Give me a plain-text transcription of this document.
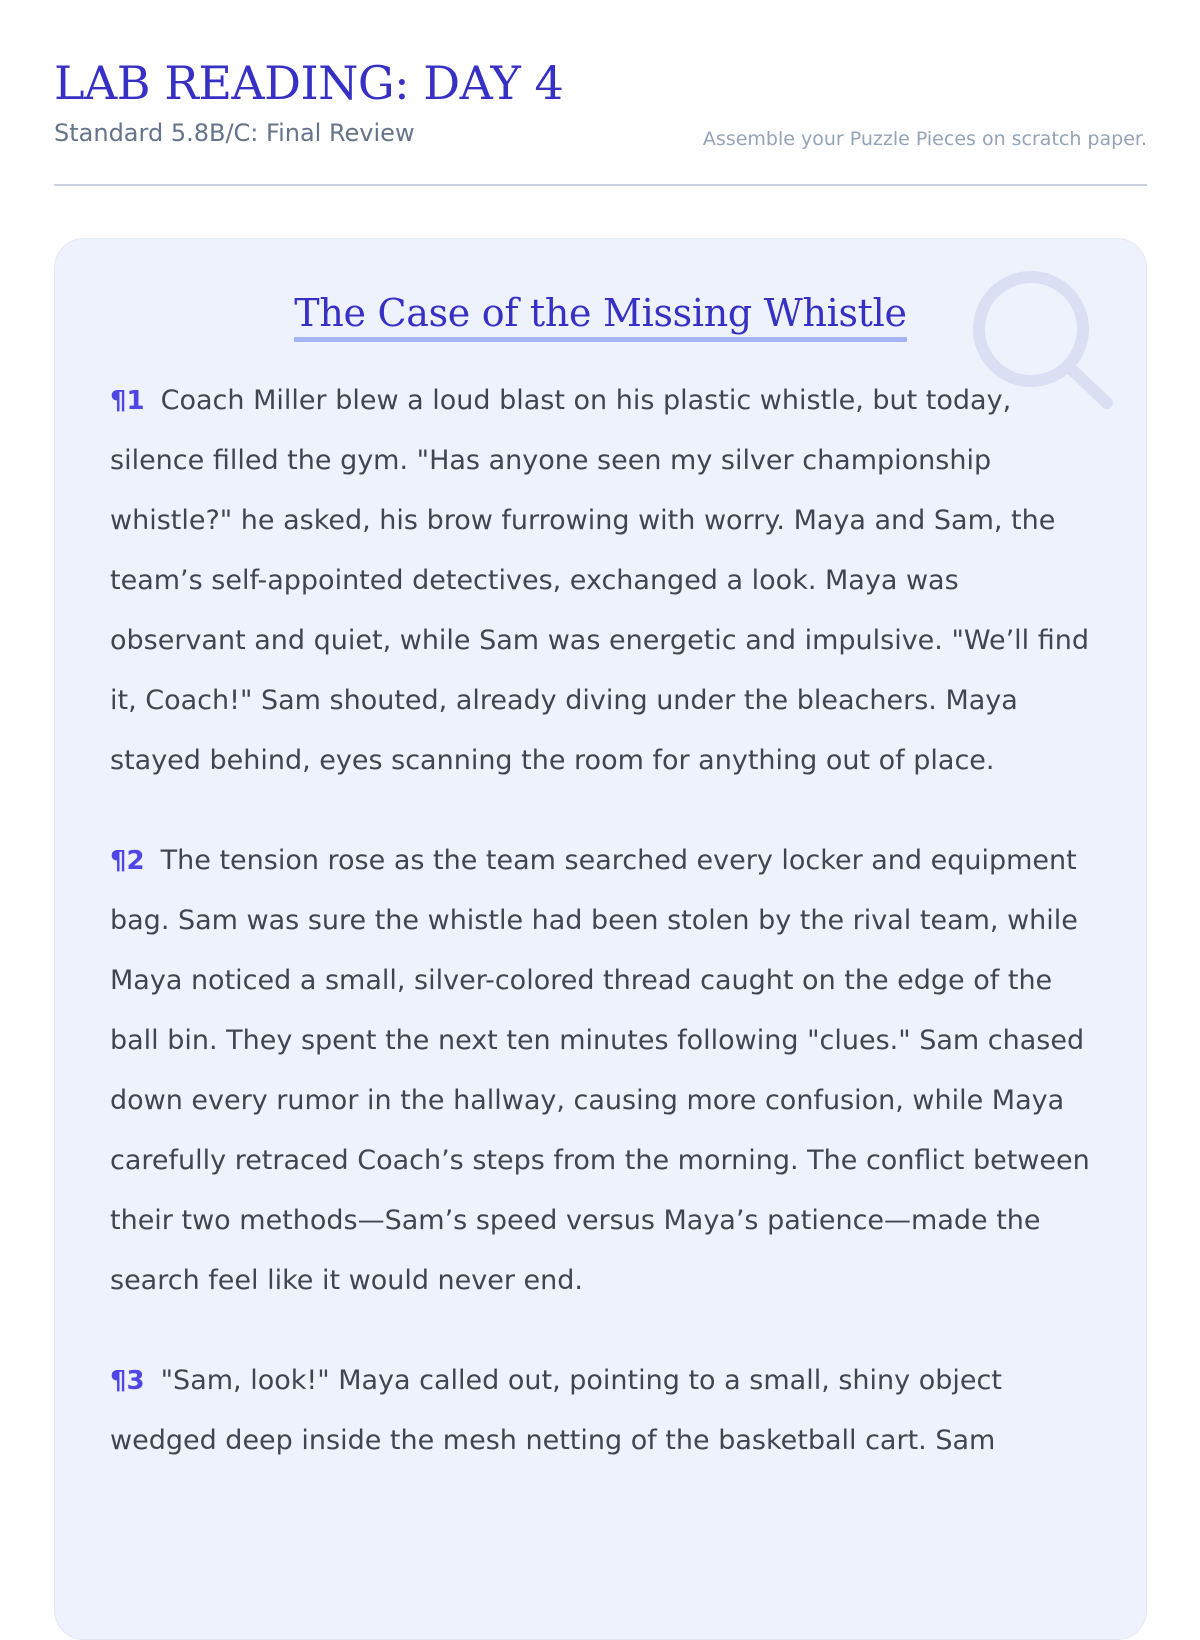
LAB READING: DAY 4
Standard 5.8B/C: Final Review	Assemble your Puzzle Pieces on scratch paper.
The Case of the Missing Whistle

¶1 Coach Miller blew a loud blast on his plastic whistle, but today, silence filled the gym. "Has anyone seen my silver championship whistle?" he asked, his brow furrowing with worry. Maya and Sam, the team’s self-appointed detectives, exchanged a look. Maya was observant and quiet, while Sam was energetic and impulsive. "We’ll find it, Coach!" Sam shouted, already diving under the bleachers. Maya stayed behind, eyes scanning the room for anything out of place.

¶2 The tension rose as the team searched every locker and equipment bag. Sam was sure the whistle had been stolen by the rival team, while Maya noticed a small, silver-colored thread caught on the edge of the ball bin. They spent the next ten minutes following "clues." Sam chased down every rumor in the hallway, causing more confusion, while Maya carefully retraced Coach’s steps from the morning. The conflict between their two methods—Sam’s speed versus Maya’s patience—made the search feel like it would never end.

¶3 "Sam, look!" Maya called out, pointing to a small, shiny object wedged deep inside the mesh netting of the basketball cart. Sam
